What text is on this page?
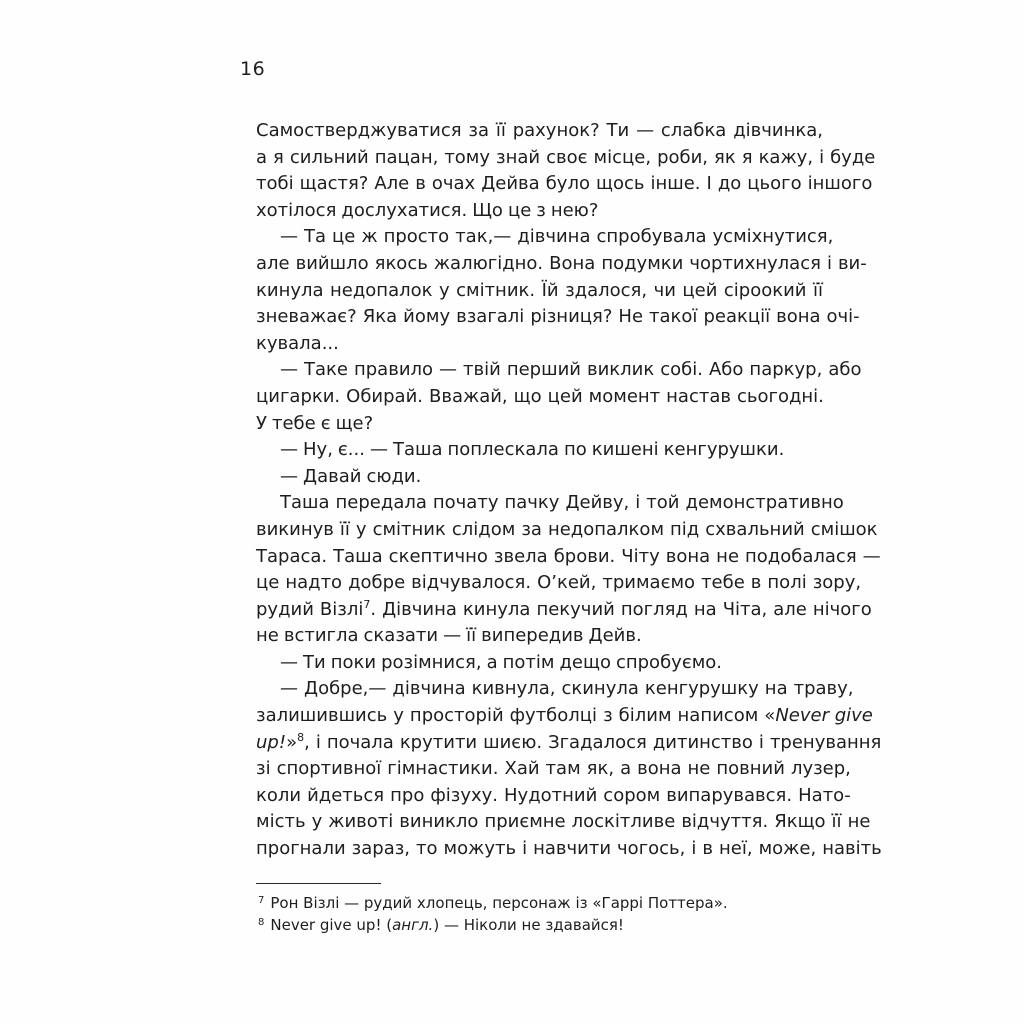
16
Самостверджуватися за її рахунок? Ти — слабка дівчинка,
а я сильний пацан, тому знай своє місце, роби, як я кажу, і буде
тобі щастя? Але в очах Дейва було щось інше. І до цього іншого
хотілося дослухатися. Що це з нею?
— Та це ж просто так,— дівчина спробувала усміхнутися,
але вийшло якось жалюгідно. Вона подумки чортихнулася і ви-
кинула недопалок у смітник. Їй здалося, чи цей сіроокий її
зневажає? Яка йому взагалі різниця? Не такої реакції вона очі-
кувала...
— Таке правило — твій перший виклик собі. Або паркур, або
цигарки. Обирай. Вважай, що цей момент настав сьогодні.
У тебе є ще?
— Ну, є... — Таша поплескала по кишені кенгурушки.
— Давай сюди.
Таша передала почату пачку Дейву, і той демонстративно
викинув її у смітник слідом за недопалком під схвальний смішок
Тараса. Таша скептично звела брови. Чіту вона не подобалася —
це надто добре відчувалося. О’кей, тримаємо тебе в полі зору,
рудий Візлі$^7$. Дівчина кинула пекучий погляд на Чіта, але нічого
не встигла сказати — її випередив Дейв.
— Ти поки розімнися, а потім дещо спробуємо.
— Добре,— дівчина кивнула, скинула кенгурушку на траву,
залишившись у просторій футболці з білим написом «Never give
up!»$^8$, і почала крутити шиєю. Згадалося дитинство і тренування
зі спортивної гімнастики. Хай там як, а вона не повний лузер,
коли йдеться про фізуху. Нудотний сором випарувався. Нато-
мість у животі виникло приємне лоскітливе відчуття. Якщо її не
прогнали зараз, то можуть і навчити чогось, і в неї, може, навіть
$^7$ Рон Візлі — рудий хлопець, персонаж із «Гаррі Поттера».
$^8$ Never give up! (англ.) — Ніколи не здавайся!
